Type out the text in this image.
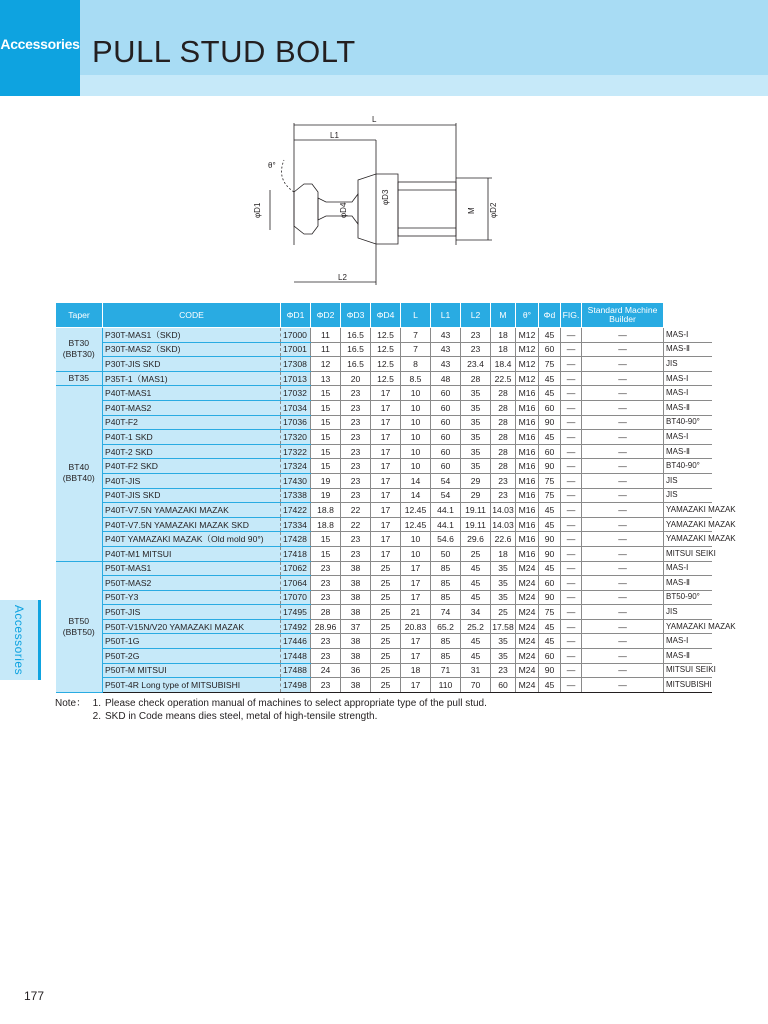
Accessories PULL STUD BOLT
Accessories
L
L1
L2
θ°
φD1	φD2
φD3
φD4	M
Taper	CODE	ΦD1	ΦD2	ΦD3	ΦD4	L	L1	L2	M	θ°	Φd	FIG.	Standard Machine Builder	
BT30
(BBT30)	P30T-MAS1（SKD)	17000	11	16.5	12.5	7	43	23	18	M12	45	—	—	MAS-Ⅰ
	P30T-MAS2（SKD)	17001	11	16.5	12.5	7	43	23	18	M12	60	—	—	MAS-Ⅱ
	P30T-JIS SKD	17308	12	16.5	12.5	8	43	23.4	18.4	M12	75	—	—	JIS
BT35	P35T-1（MAS1)	17013	13	20	12.5	8.5	48	28	22.5	M12	45	—	—	MAS-Ⅰ
BT40
(BBT40)	P40T-MAS1	17032	15	23	17	10	60	35	28	M16	45	—	—	MAS-Ⅰ
	P40T-MAS2	17034	15	23	17	10	60	35	28	M16	60	—	—	MAS-Ⅱ
	P40T-F2	17036	15	23	17	10	60	35	28	M16	90	—	—	BT40-90°
	P40T-1 SKD	17320	15	23	17	10	60	35	28	M16	45	—	—	MAS-Ⅰ
	P40T-2 SKD	17322	15	23	17	10	60	35	28	M16	60	—	—	MAS-Ⅱ
	P40T-F2 SKD	17324	15	23	17	10	60	35	28	M16	90	—	—	BT40-90°
	P40T-JIS	17430	19	23	17	14	54	29	23	M16	75	—	—	JIS
	P40T-JIS SKD	17338	19	23	17	14	54	29	23	M16	75	—	—	JIS
	P40T-V7.5N YAMAZAKI MAZAK	17422	18.8	22	17	12.45	44.1	19.11	14.03	M16	45	—	—	YAMAZAKI MAZAK
	P40T-V7.5N YAMAZAKI MAZAK SKD	17334	18.8	22	17	12.45	44.1	19.11	14.03	M16	45	—	—	YAMAZAKI MAZAK
	P40T YAMAZAKI MAZAK（Old mold 90°)	17428	15	23	17	10	54.6	29.6	22.6	M16	90	—	—	YAMAZAKI MAZAK
	P40T-M1 MITSUI	17418	15	23	17	10	50	25	18	M16	90	—	—	MITSUI SEIKI
BT50
(BBT50)	P50T-MAS1	17062	23	38	25	17	85	45	35	M24	45	—	—	MAS-Ⅰ
	P50T-MAS2	17064	23	38	25	17	85	45	35	M24	60	—	—	MAS-Ⅱ
	P50T-Y3	17070	23	38	25	17	85	45	35	M24	90	—	—	BT50-90°
	P50T-JIS	17495	28	38	25	21	74	34	25	M24	75	—	—	JIS
	P50T-V15N/V20 YAMAZAKI MAZAK	17492	28.96	37	25	20.83	65.2	25.2	17.58	M24	45	—	—	YAMAZAKI MAZAK
	P50T-1G	17446	23	38	25	17	85	45	35	M24	45	—	—	MAS-Ⅰ
	P50T-2G	17448	23	38	25	17	85	45	35	M24	60	—	—	MAS-Ⅱ
	P50T-M MITSUI	17488	24	36	25	18	71	31	23	M24	90	—	—	MITSUI SEIKI
	P50T-4R Long type of MITSUBISHI	17498	23	38	25	17	110	70	60	M24	45	—	—	MITSUBISHI
Note： 1. Please check operation manual of machines to select appropriate type of the pull stud.
2. SKD in Code means dies steel, metal of high-tensile strength.
177
